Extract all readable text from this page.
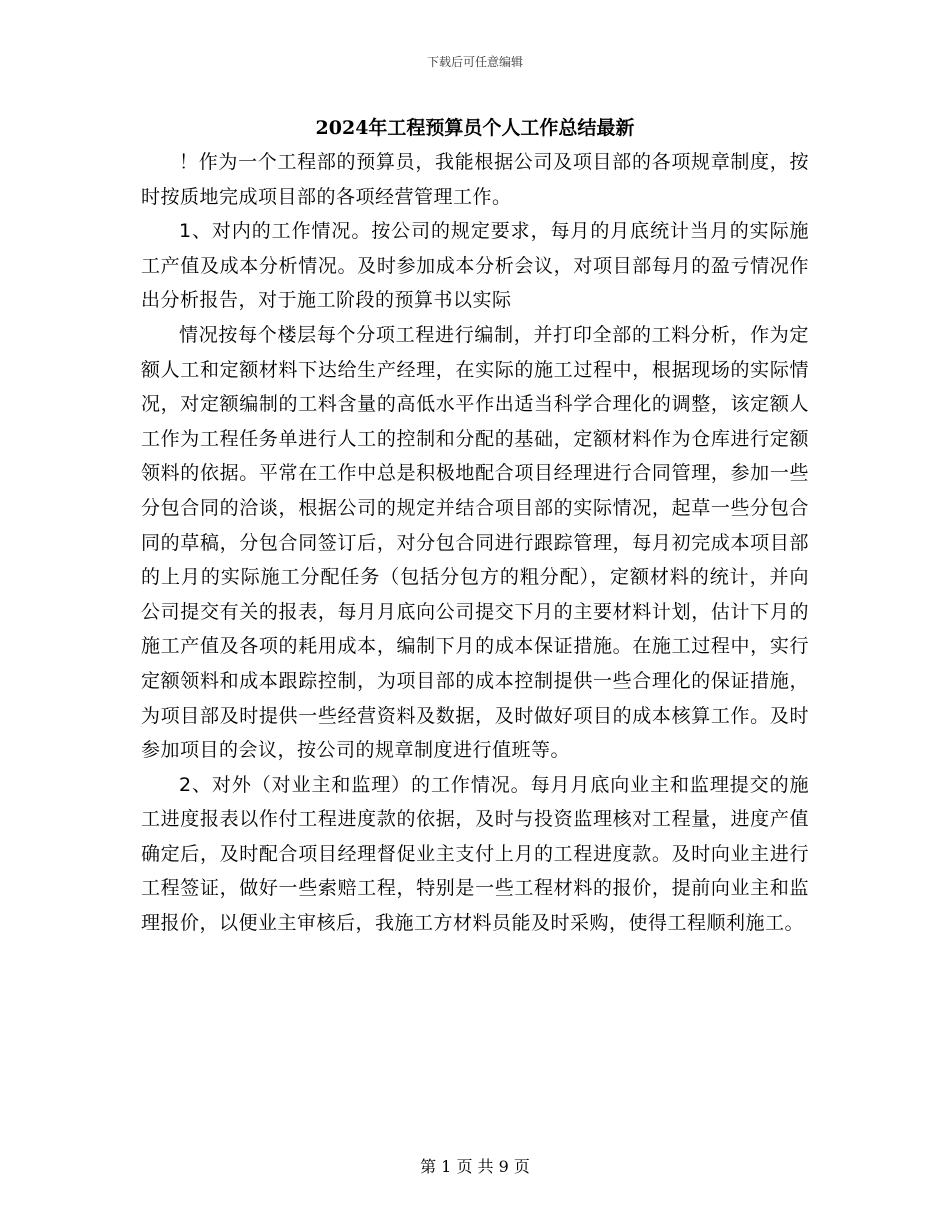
下载后可任意编辑
2024年工程预算员个人工作总结最新

！作为一个工程部的预算员，我能根据公司及项目部的各项规章制度，按时按质地完成项目部的各项经营管理工作。

1、对内的工作情况。按公司的规定要求，每月的月底统计当月的实际施工产值及成本分析情况。及时参加成本分析会议，对项目部每月的盈亏情况作出分析报告，对于施工阶段的预算书以实际

情况按每个楼层每个分项工程进行编制，并打印全部的工料分析，作为定额人工和定额材料下达给生产经理，在实际的施工过程中，根据现场的实际情况，对定额编制的工料含量的高低水平作出适当科学合理化的调整，该定额人工作为工程任务单进行人工的控制和分配的基础，定额材料作为仓库进行定额领料的依据。平常在工作中总是积极地配合项目经理进行合同管理，参加一些分包合同的洽谈，根据公司的规定并结合项目部的实际情况，起草一些分包合同的草稿，分包合同签订后，对分包合同进行跟踪管理，每月初完成本项目部的上月的实际施工分配任务（包括分包方的粗分配），定额材料的统计，并向公司提交有关的报表，每月月底向公司提交下月的主要材料计划，估计下月的施工产值及各项的耗用成本，编制下月的成本保证措施。在施工过程中，实行定额领料和成本跟踪控制，为项目部的成本控制提供一些合理化的保证措施，为项目部及时提供一些经营资料及数据，及时做好项目的成本核算工作。及时参加项目的会议，按公司的规章制度进行值班等。

2、对外（对业主和监理）的工作情况。每月月底向业主和监理提交的施工进度报表以作付工程进度款的依据，及时与投资监理核对工程量，进度产值确定后，及时配合项目经理督促业主支付上月的工程进度款。及时向业主进行工程签证，做好一些索赔工程，特别是一些工程材料的报价，提前向业主和监理报价，以便业主审核后，我施工方材料员能及时采购，使得工程顺利施工。

第 1 页 共 9 页
